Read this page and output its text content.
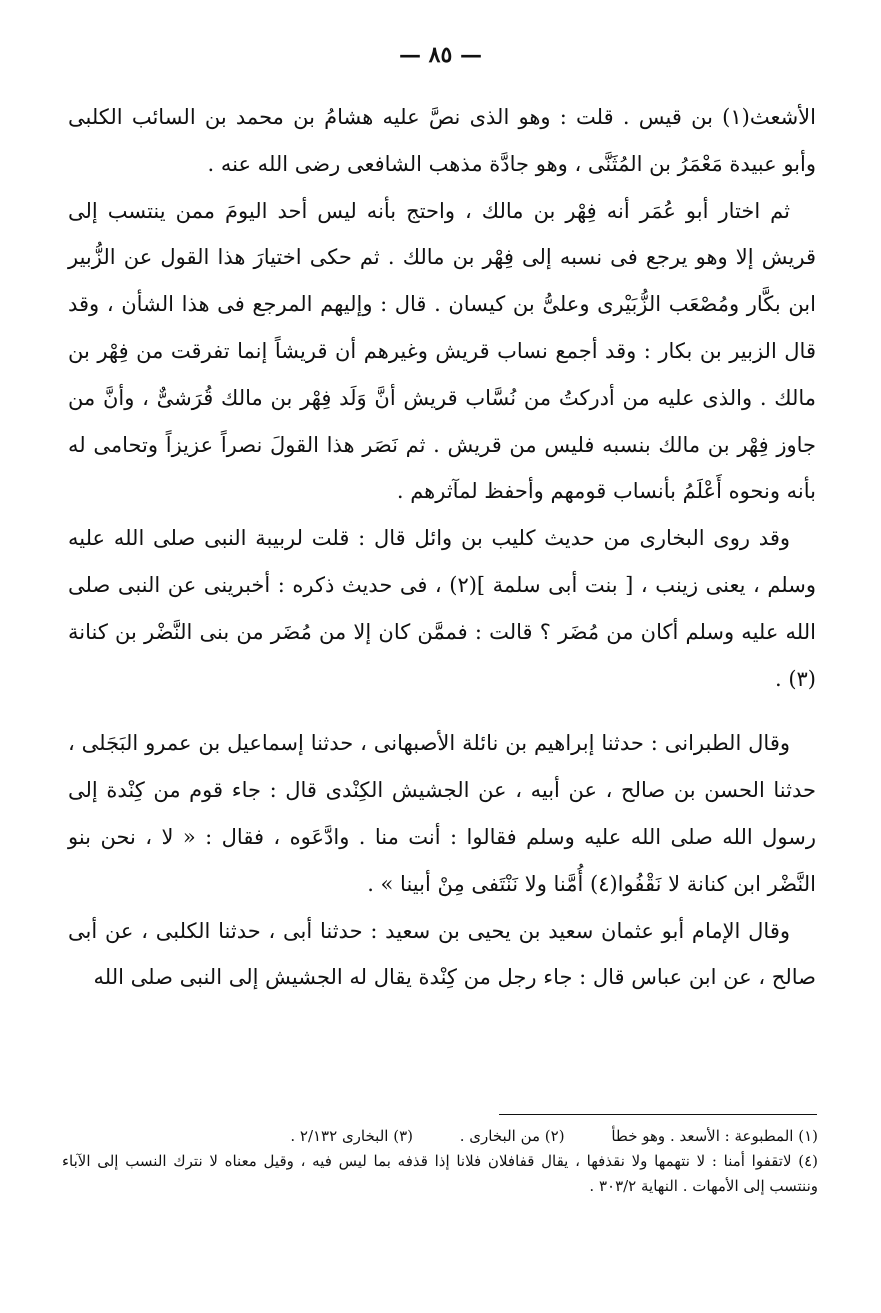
— ٨٥ —

الأشعث(١) بن قيس . قلت : وهو الذى نصَّ عليه هشامُ بن محمد بن السائب الكلبى وأبو عبيدة مَعْمَرُ بن المُثَنَّى ، وهو جادَّة مذهب الشافعى رضى الله عنه .

ثم اختار أبو عُمَر أنه فِهْر بن مالك ، واحتج بأنه ليس أحد اليومَ ممن ينتسب إلى قريش إلا وهو يرجع فى نسبه إلى فِهْر بن مالك . ثم حكى اختيارَ هذا القول عن الزُّبير ابن بكَّار ومُصْعَب الزُّبَيْرى وعلىُّ بن كيسان . قال : وإليهم المرجع فى هذا الشأن ، وقد قال الزبير بن بكار : وقد أجمع نساب قريش وغيرهم أن قريشاً إنما تفرقت من فِهْر بن مالك . والذى عليه من أدركتُ من نُسَّاب قريش أنَّ وَلَد فِهْر بن مالك قُرَشىٌّ ، وأنَّ من جاوز فِهْر بن مالك بنسبه فليس من قريش . ثم نَصَر هذا القولَ نصراً عزيزاً وتحامى له بأنه ونحوه أَعْلَمُ بأنساب قومهم وأحفظ لمآثرهم .

وقد روى البخارى من حديث كليب بن وائل قال : قلت لربيبة النبى صلى الله عليه وسلم ، يعنى زينب ، [ بنت أبى سلمة ](٢) ، فى حديث ذكره : أخبرينى عن النبى صلى الله عليه وسلم أكان من مُضَر ؟ قالت : فممَّن كان إلا من مُضَر من بنى النَّضْر بن كنانة (٣) .

وقال الطبرانى : حدثنا إبراهيم بن نائلة الأصبهانى ، حدثنا إسماعيل بن عمرو البَجَلى ، حدثنا الحسن بن صالح ، عن أبيه ، عن الجشيش الكِنْدى قال : جاء قوم من كِنْدة إلى رسول الله صلى الله عليه وسلم فقالوا : أنت منا . وادَّعَوه ، فقال : « لا ، نحن بنو النَّضْر ابن كنانة لا نَقْفُوا(٤) أُمَّنا ولا نَنْتَفى مِنْ أبينا » .

وقال الإمام أبو عثمان سعيد بن يحيى بن سعيد : حدثنا أبى ، حدثنا الكلبى ، عن أبى صالح ، عن ابن عباس قال : جاء رجل من كِنْدة يقال له الجشيش إلى النبى صلى الله

(١) المطبوعة : الأسعد . وهو خطأ (٢) من البخارى . (٣) البخارى ٢/١٣٢ .

(٤) لاتقفوا أمنا : لا نتهمها ولا نقذفها ، يقال قفافلان فلانا إذا قذفه بما ليس فيه ، وقيل معناه لا نترك النسب إلى الآباء وننتسب إلى الأمهات . النهاية ٣٠٣/٢ .
